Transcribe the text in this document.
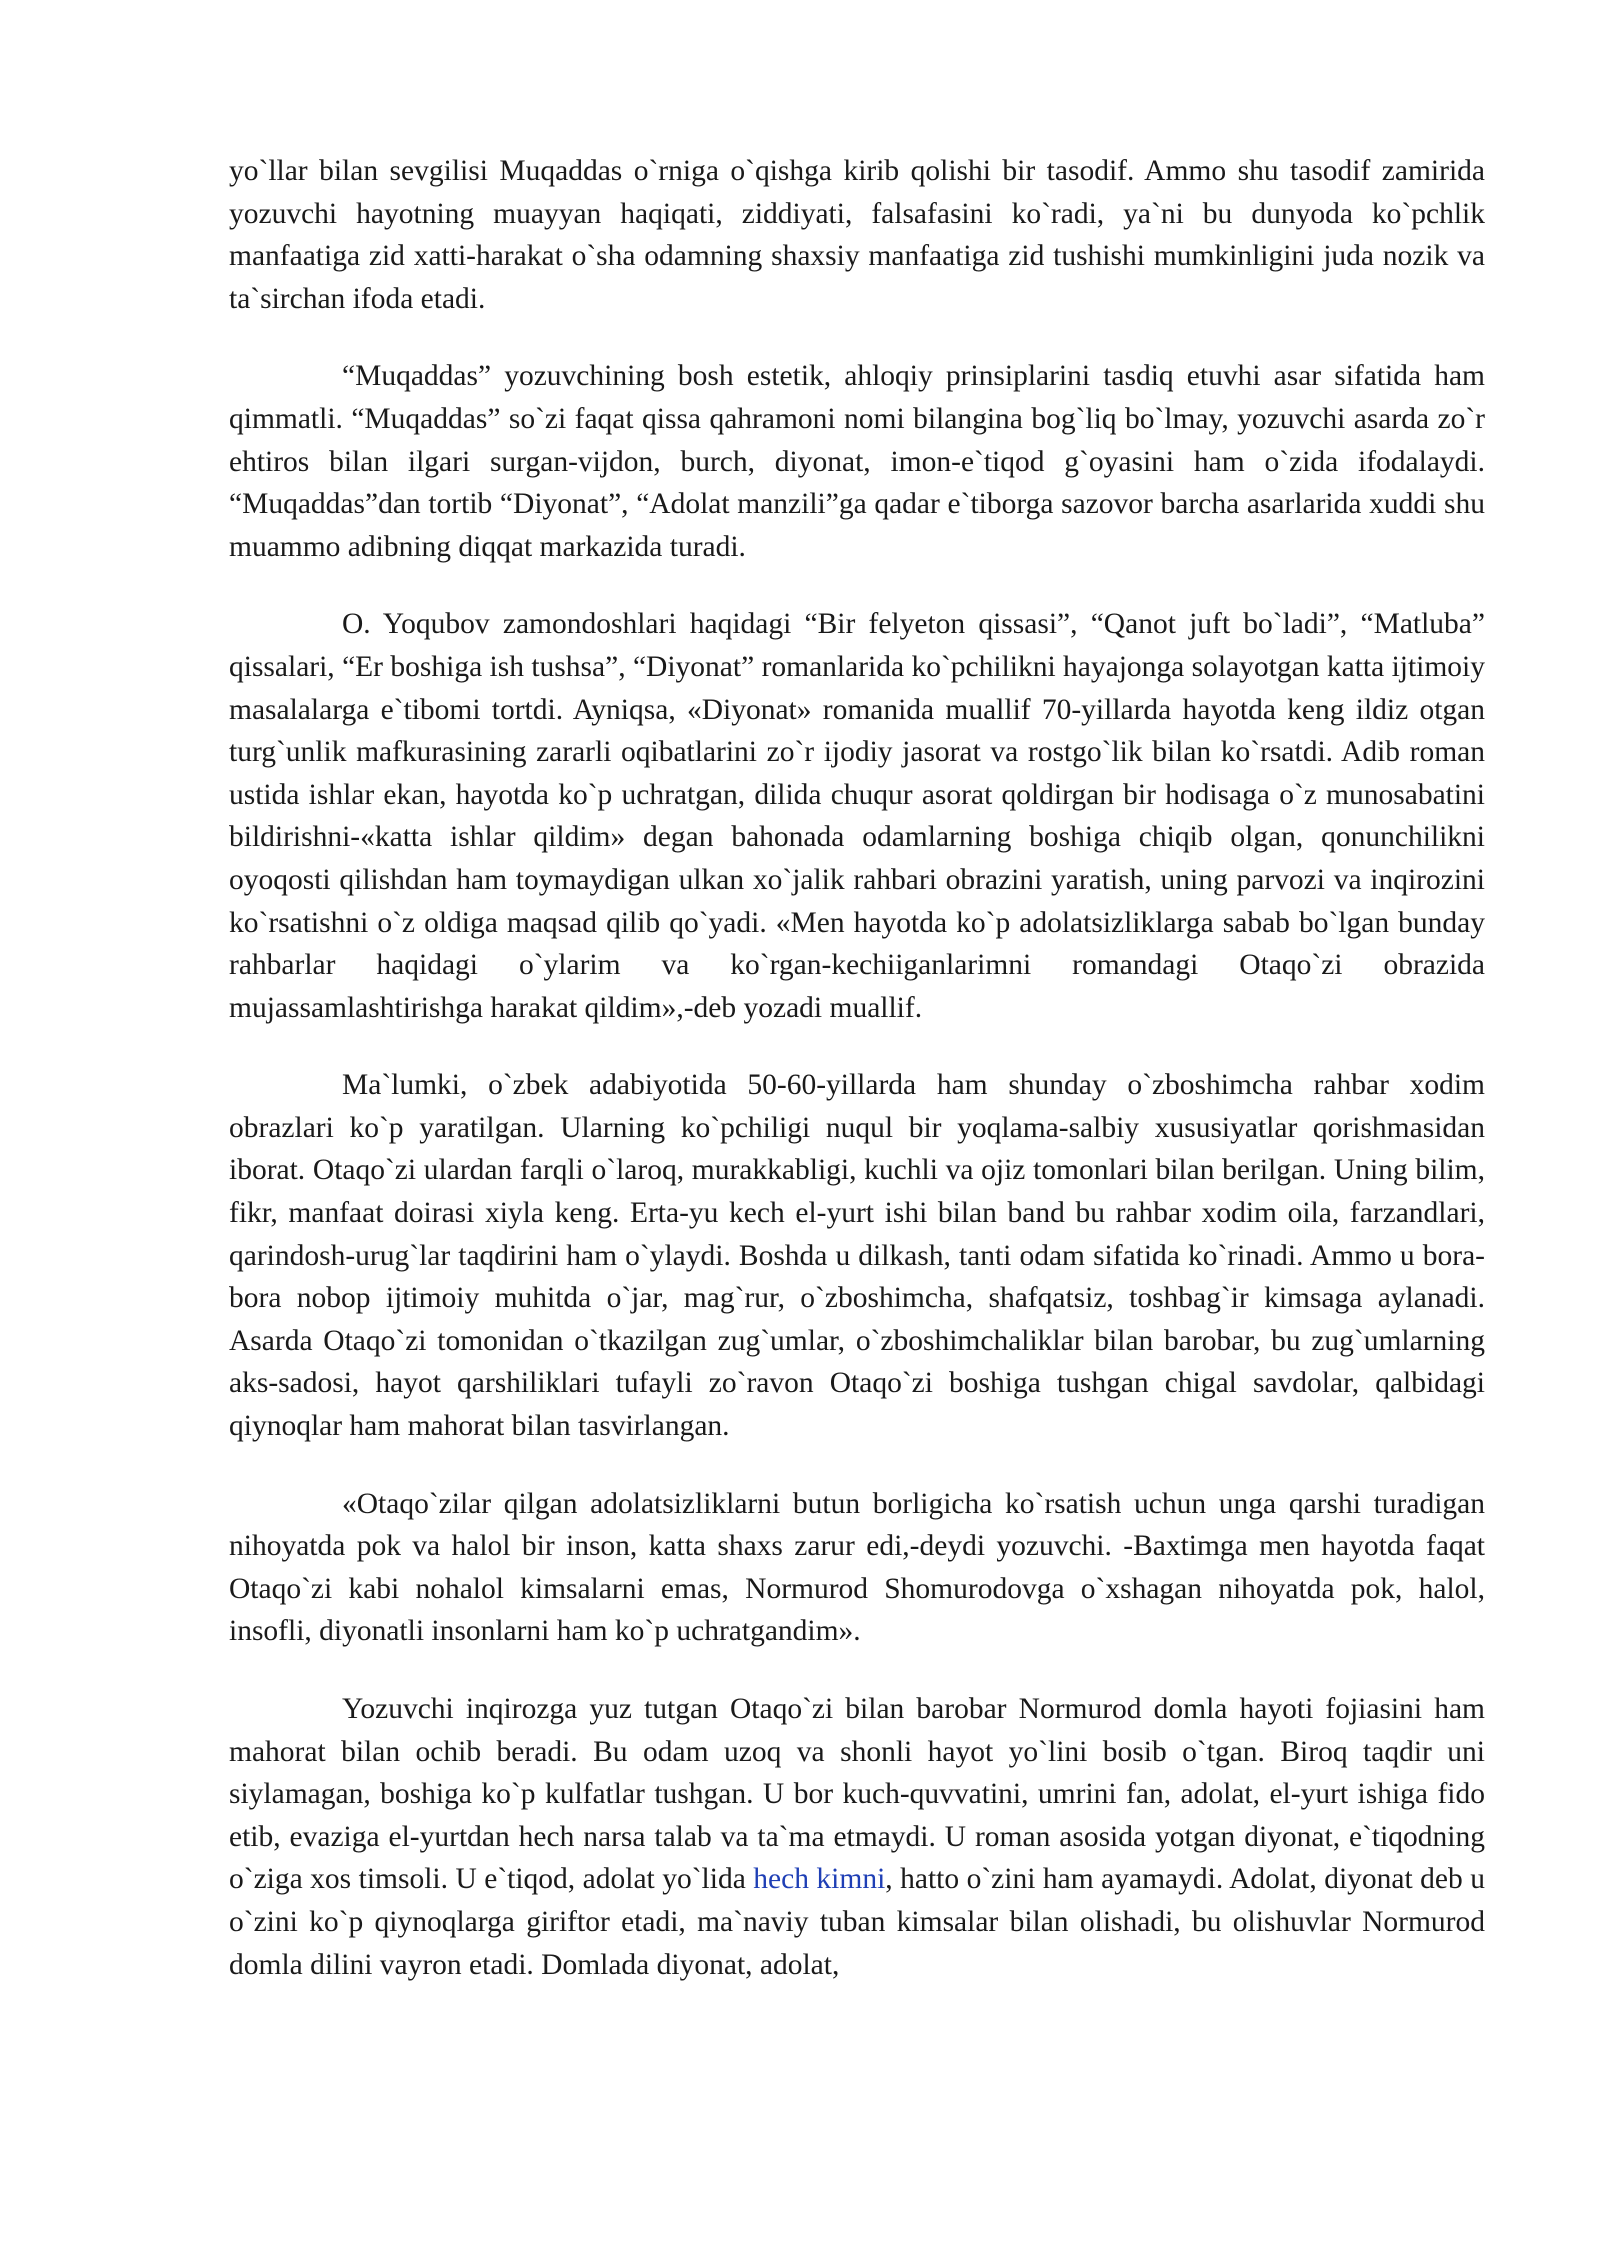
yo`llar bilan sevgilisi Muqaddas o`rniga o`qishga kirib qolishi bir tasodif. Ammo shu tasodif zamirida yozuvchi hayotning muayyan haqiqati, ziddiyati, falsafasini ko`radi, ya`ni bu dunyoda ko`pchlik manfaatiga zid xatti-harakat o`sha odamning shaxsiy manfaatiga zid tushishi mumkinligini juda nozik va ta`sirchan ifoda etadi.

“Muqaddas” yozuvchining bosh estetik, ahloqiy prinsiplarini tasdiq etuvhi asar sifatida ham qimmatli. “Muqaddas” so`zi faqat qissa qahramoni nomi bilangina bog`liq bo`lmay, yozuvchi asarda zo`r ehtiros bilan ilgari surgan-vijdon, burch, diyonat, imon-e`tiqod g`oyasini ham o`zida ifodalaydi. “Muqaddas”dan tortib “Diyonat”, “Adolat manzili”ga qadar e`tiborga sazovor barcha asarlarida xuddi shu muammo adibning diqqat markazida turadi.

O. Yoqubov zamondoshlari haqidagi “Bir felyeton qissasi”, “Qanot juft bo`ladi”, “Matluba” qissalari, “Er boshiga ish tushsa”, “Diyonat” romanlarida ko`pchilikni hayajonga solayotgan katta ijtimoiy masalalarga e`tibomi tortdi. Ayniqsa, «Diyonat» romanida muallif 70-yillarda hayotda keng ildiz otgan turg`unlik mafkurasining zararli oqibatlarini zo`r ijodiy jasorat va rostgo`lik bilan ko`rsatdi. Adib roman ustida ishlar ekan, hayotda ko`p uchratgan, dilida chuqur asorat qoldirgan bir hodisaga o`z munosabatini bildirishni-«katta ishlar qildim» degan bahonada odamlarning boshiga chiqib olgan, qonunchilikni oyoqosti qilishdan ham toymaydigan ulkan xo`jalik rahbari obrazini yaratish, uning parvozi va inqirozini ko`rsatishni o`z oldiga maqsad qilib qo`yadi. «Men hayotda ko`p adolatsizliklarga sabab bo`lgan bunday rahbarlar haqidagi o`ylarim va ko`rgan-kechiiganlarimni romandagi Otaqo`zi obrazida mujassamlashtirishga harakat qildim»,-deb yozadi muallif.

Ma`lumki, o`zbek adabiyotida 50-60-yillarda ham shunday o`zboshimcha rahbar xodim obrazlari ko`p yaratilgan. Ularning ko`pchiligi nuqul bir yoqlama-salbiy xususiyatlar qorishmasidan iborat. Otaqo`zi ulardan farqli o`laroq, murakkabligi, kuchli va ojiz tomonlari bilan berilgan. Uning bilim, fikr, manfaat doirasi xiyla keng. Erta-yu kech el-yurt ishi bilan band bu rahbar xodim oila, farzandlari, qarindosh-urug`lar taqdirini ham o`ylaydi. Boshda u dilkash, tanti odam sifatida ko`rinadi. Ammo u bora-bora nobop ijtimoiy muhitda o`jar, mag`rur, o`zboshimcha, shafqatsiz, toshbag`ir kimsaga aylanadi. Asarda Otaqo`zi tomonidan o`tkazilgan zug`umlar, o`zboshimchaliklar bilan barobar, bu zug`umlarning aks-sadosi, hayot qarshiliklari tufayli zo`ravon Otaqo`zi boshiga tushgan chigal savdolar, qalbidagi qiynoqlar ham mahorat bilan tasvirlangan.

«Otaqo`zilar qilgan adolatsizliklarni butun borligicha ko`rsatish uchun unga qarshi turadigan nihoyatda pok va halol bir inson, katta shaxs zarur edi,-deydi yozuvchi. -Baxtimga men hayotda faqat Otaqo`zi kabi nohalol kimsalarni emas, Normurod Shomurodovga o`xshagan nihoyatda pok, halol, insofli, diyonatli insonlarni ham ko`p uchratgandim».

Yozuvchi inqirozga yuz tutgan Otaqo`zi bilan barobar Normurod domla hayoti fojiasini ham mahorat bilan ochib beradi. Bu odam uzoq va shonli hayot yo`lini bosib o`tgan. Biroq taqdir uni siylamagan, boshiga ko`p kulfatlar tushgan. U bor kuch-quvvatini, umrini fan, adolat, el-yurt ishiga fido etib, evaziga el-yurtdan hech narsa talab va ta`ma etmaydi. U roman asosida yotgan diyonat, e`tiqodning o`ziga xos timsoli. U e`tiqod, adolat yo`lida hech kimni, hatto o`zini ham ayamaydi. Adolat, diyonat deb u o`zini ko`p qiynoqlarga giriftor etadi, ma`naviy tuban kimsalar bilan olishadi, bu olishuvlar Normurod domla dilini vayron etadi. Domlada diyonat, adolat,
